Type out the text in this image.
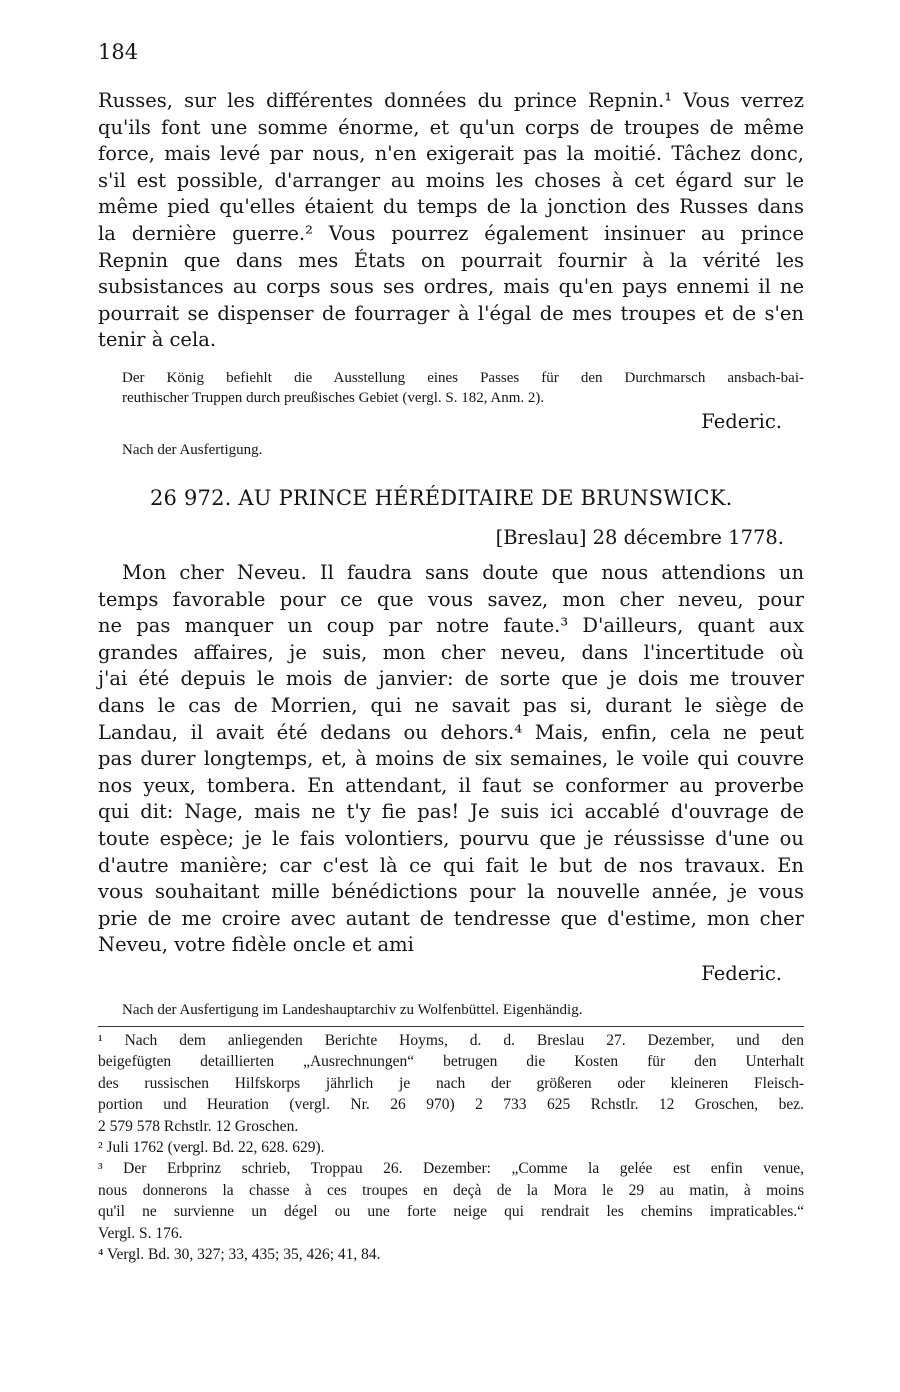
184
Russes, sur les différentes données du prince Repnin.¹ Vous verrez
qu'ils font une somme énorme, et qu'un corps de troupes de même
force, mais levé par nous, n'en exigerait pas la moitié. Tâchez donc,
s'il est possible, d'arranger au moins les choses à cet égard sur le
même pied qu'elles étaient du temps de la jonction des Russes dans
la dernière guerre.² Vous pourrez également insinuer au prince
Repnin que dans mes États on pourrait fournir à la vérité les
subsistances au corps sous ses ordres, mais qu'en pays ennemi il ne
pourrait se dispenser de fourrager à l'égal de mes troupes et de s'en
tenir à cela.
Der König befiehlt die Ausstellung eines Passes für den Durchmarsch ansbach-bai-
reuthischer Truppen durch preußisches Gebiet (vergl. S. 182, Anm. 2).
Federic.
Nach der Ausfertigung.
26 972. AU PRINCE HÉRÉDITAIRE DE BRUNSWICK.
[Breslau] 28 décembre 1778.
Mon cher Neveu. Il faudra sans doute que nous attendions un
temps favorable pour ce que vous savez, mon cher neveu, pour
ne pas manquer un coup par notre faute.³ D'ailleurs, quant aux
grandes affaires, je suis, mon cher neveu, dans l'incertitude où
j'ai été depuis le mois de janvier: de sorte que je dois me trouver
dans le cas de Morrien, qui ne savait pas si, durant le siège de
Landau, il avait été dedans ou dehors.⁴ Mais, enfin, cela ne peut
pas durer longtemps, et, à moins de six semaines, le voile qui couvre
nos yeux, tombera. En attendant, il faut se conformer au proverbe
qui dit: Nage, mais ne t'y fie pas! Je suis ici accablé d'ouvrage de
toute espèce; je le fais volontiers, pourvu que je réussisse d'une ou
d'autre manière; car c'est là ce qui fait le but de nos travaux. En
vous souhaitant mille bénédictions pour la nouvelle année, je vous
prie de me croire avec autant de tendresse que d'estime, mon cher
Neveu, votre fidèle oncle et ami
Federic.
Nach der Ausfertigung im Landeshauptarchiv zu Wolfenbüttel. Eigenhändig.
¹ Nach dem anliegenden Berichte Hoyms, d. d. Breslau 27. Dezember, und den
beigefügten detaillierten „Ausrechnungen“ betrugen die Kosten für den Unterhalt
des russischen Hilfskorps jährlich je nach der größeren oder kleineren Fleisch-
portion und Heuration (vergl. Nr. 26 970) 2 733 625 Rchstlr. 12 Groschen, bez.
2 579 578 Rchstlr. 12 Groschen.
² Juli 1762 (vergl. Bd. 22, 628. 629).
³ Der Erbprinz schrieb, Troppau 26. Dezember: „Comme la gelée est enfin venue,
nous donnerons la chasse à ces troupes en deçà de la Mora le 29 au matin, à moins
qu'il ne survienne un dégel ou une forte neige qui rendrait les chemins impraticables.“
Vergl. S. 176.
⁴ Vergl. Bd. 30, 327; 33, 435; 35, 426; 41, 84.
